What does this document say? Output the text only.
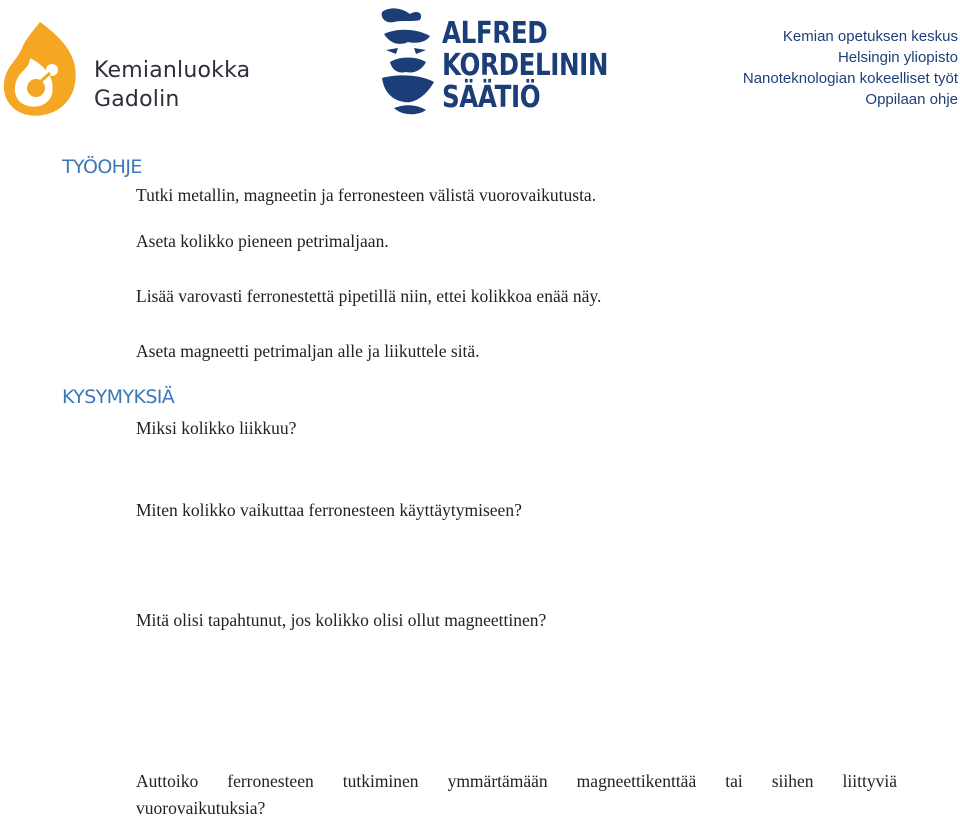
Kemianluokka
Gadolin
ALFRED
KORDELININ
SÄÄTIÖ
Kemian opetuksen keskus
Helsingin yliopisto
Nanoteknologian kokeelliset työt
Oppilaan ohje
TYÖOHJE
Tutki metallin, magneetin ja ferronesteen välistä vuorovaikutusta.
Aseta kolikko pieneen petrimaljaan.
Lisää varovasti ferronestettä pipetillä niin, ettei kolikkoa enää näy.
Aseta magneetti petrimaljan alle ja liikuttele sitä.
KYSYMYKSIÄ
Miksi kolikko liikkuu?
Miten kolikko vaikuttaa ferronesteen käyttäytymiseen?
Mitä olisi tapahtunut, jos kolikko olisi ollut magneettinen?
Auttoiko ferronesteen tutkiminen ymmärtämään magneettikenttää tai siihen liittyviä
vuorovaikutuksia?
